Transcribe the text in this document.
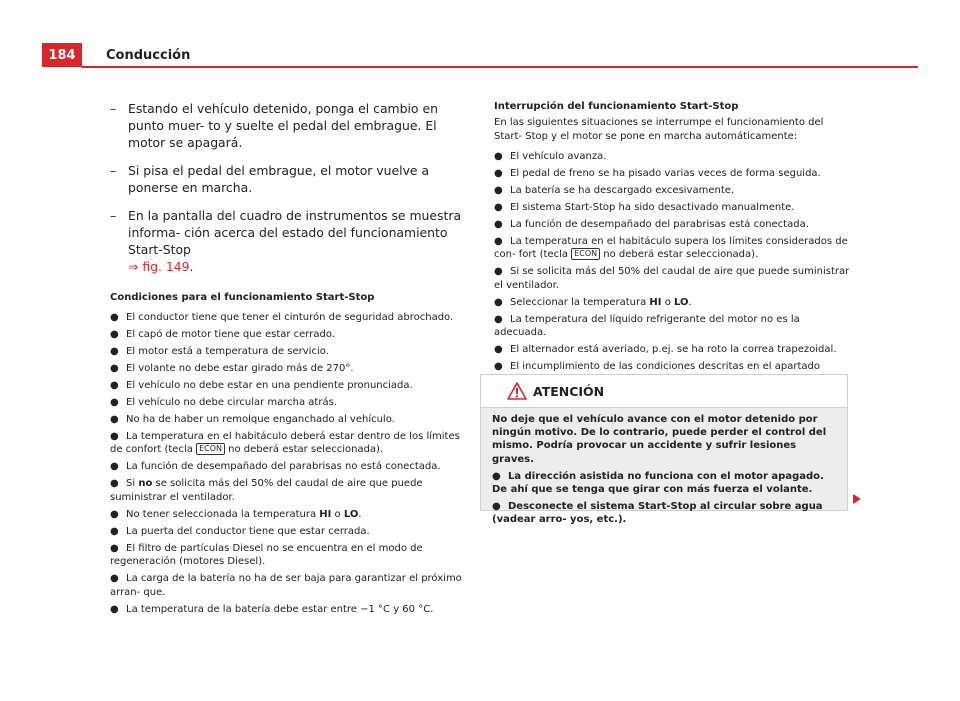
184	Conducción
– Estando el vehículo detenido, ponga el cambio en punto muer- to y suelte el pedal del embrague. El motor se apagará.
– Si pisa el pedal del embrague, el motor vuelve a ponerse en marcha.
– En la pantalla del cuadro de instrumentos se muestra informa- ción acerca del estado del funcionamiento Start-Stop
⇒ fig. 149.
Condiciones para el funcionamiento Start-Stop
● El conductor tiene que tener el cinturón de seguridad abrochado.
● El capó de motor tiene que estar cerrado.
● El motor está a temperatura de servicio.
● El volante no debe estar girado más de 270°.
● El vehículo no debe estar en una pendiente pronunciada.
● El vehículo no debe circular marcha atrás.
● No ha de haber un remolque enganchado al vehículo.
● La temperatura en el habitáculo deberá estar dentro de los límites de confort (tecla ECON no deberá estar seleccionada).
● La función de desempañado del parabrisas no está conectada.
● Si no se solicita más del 50% del caudal de aire que puede suministrar el ventilador.
● No tener seleccionada la temperatura HI o LO.
● La puerta del conductor tiene que estar cerrada.
● El filtro de partículas Diesel no se encuentra en el modo de regeneración (motores Diesel).
● La carga de la batería no ha de ser baja para garantizar el próximo arran- que.
● La temperatura de la batería debe estar entre −1 °C y 60 °C.
Interrupción del funcionamiento Start-Stop
En las siguientes situaciones se interrumpe el funcionamiento del Start- Stop y el motor se pone en marcha automáticamente:
● El vehículo avanza.
● El pedal de freno se ha pisado varias veces de forma seguida.
● La batería se ha descargado excesivamente.
● El sistema Start-Stop ha sido desactivado manualmente.
● La función de desempañado del parabrisas está conectada.
● La temperatura en el habitáculo supera los límites considerados de con- fort (tecla ECON no deberá estar seleccionada).
● Si se solicita más del 50% del caudal de aire que puede suministrar el ventilador.
● Seleccionar la temperatura HI o LO.
● La temperatura del líquido refrigerante del motor no es la adecuada.
● El alternador está averiado, p.ej. se ha roto la correa trapezoidal.
● El incumplimiento de las condiciones descritas en el apartado
ATENCIÓN

No deje que el vehículo avance con el motor detenido por ningún motivo. De lo contrario, puede perder el control del mismo. Podría provocar un accidente y sufrir lesiones graves.

● La dirección asistida no funciona con el motor apagado. De ahí que se tenga que girar con más fuerza el volante.

● Desconecte el sistema Start-Stop al circular sobre agua (vadear arro- yos, etc.).
